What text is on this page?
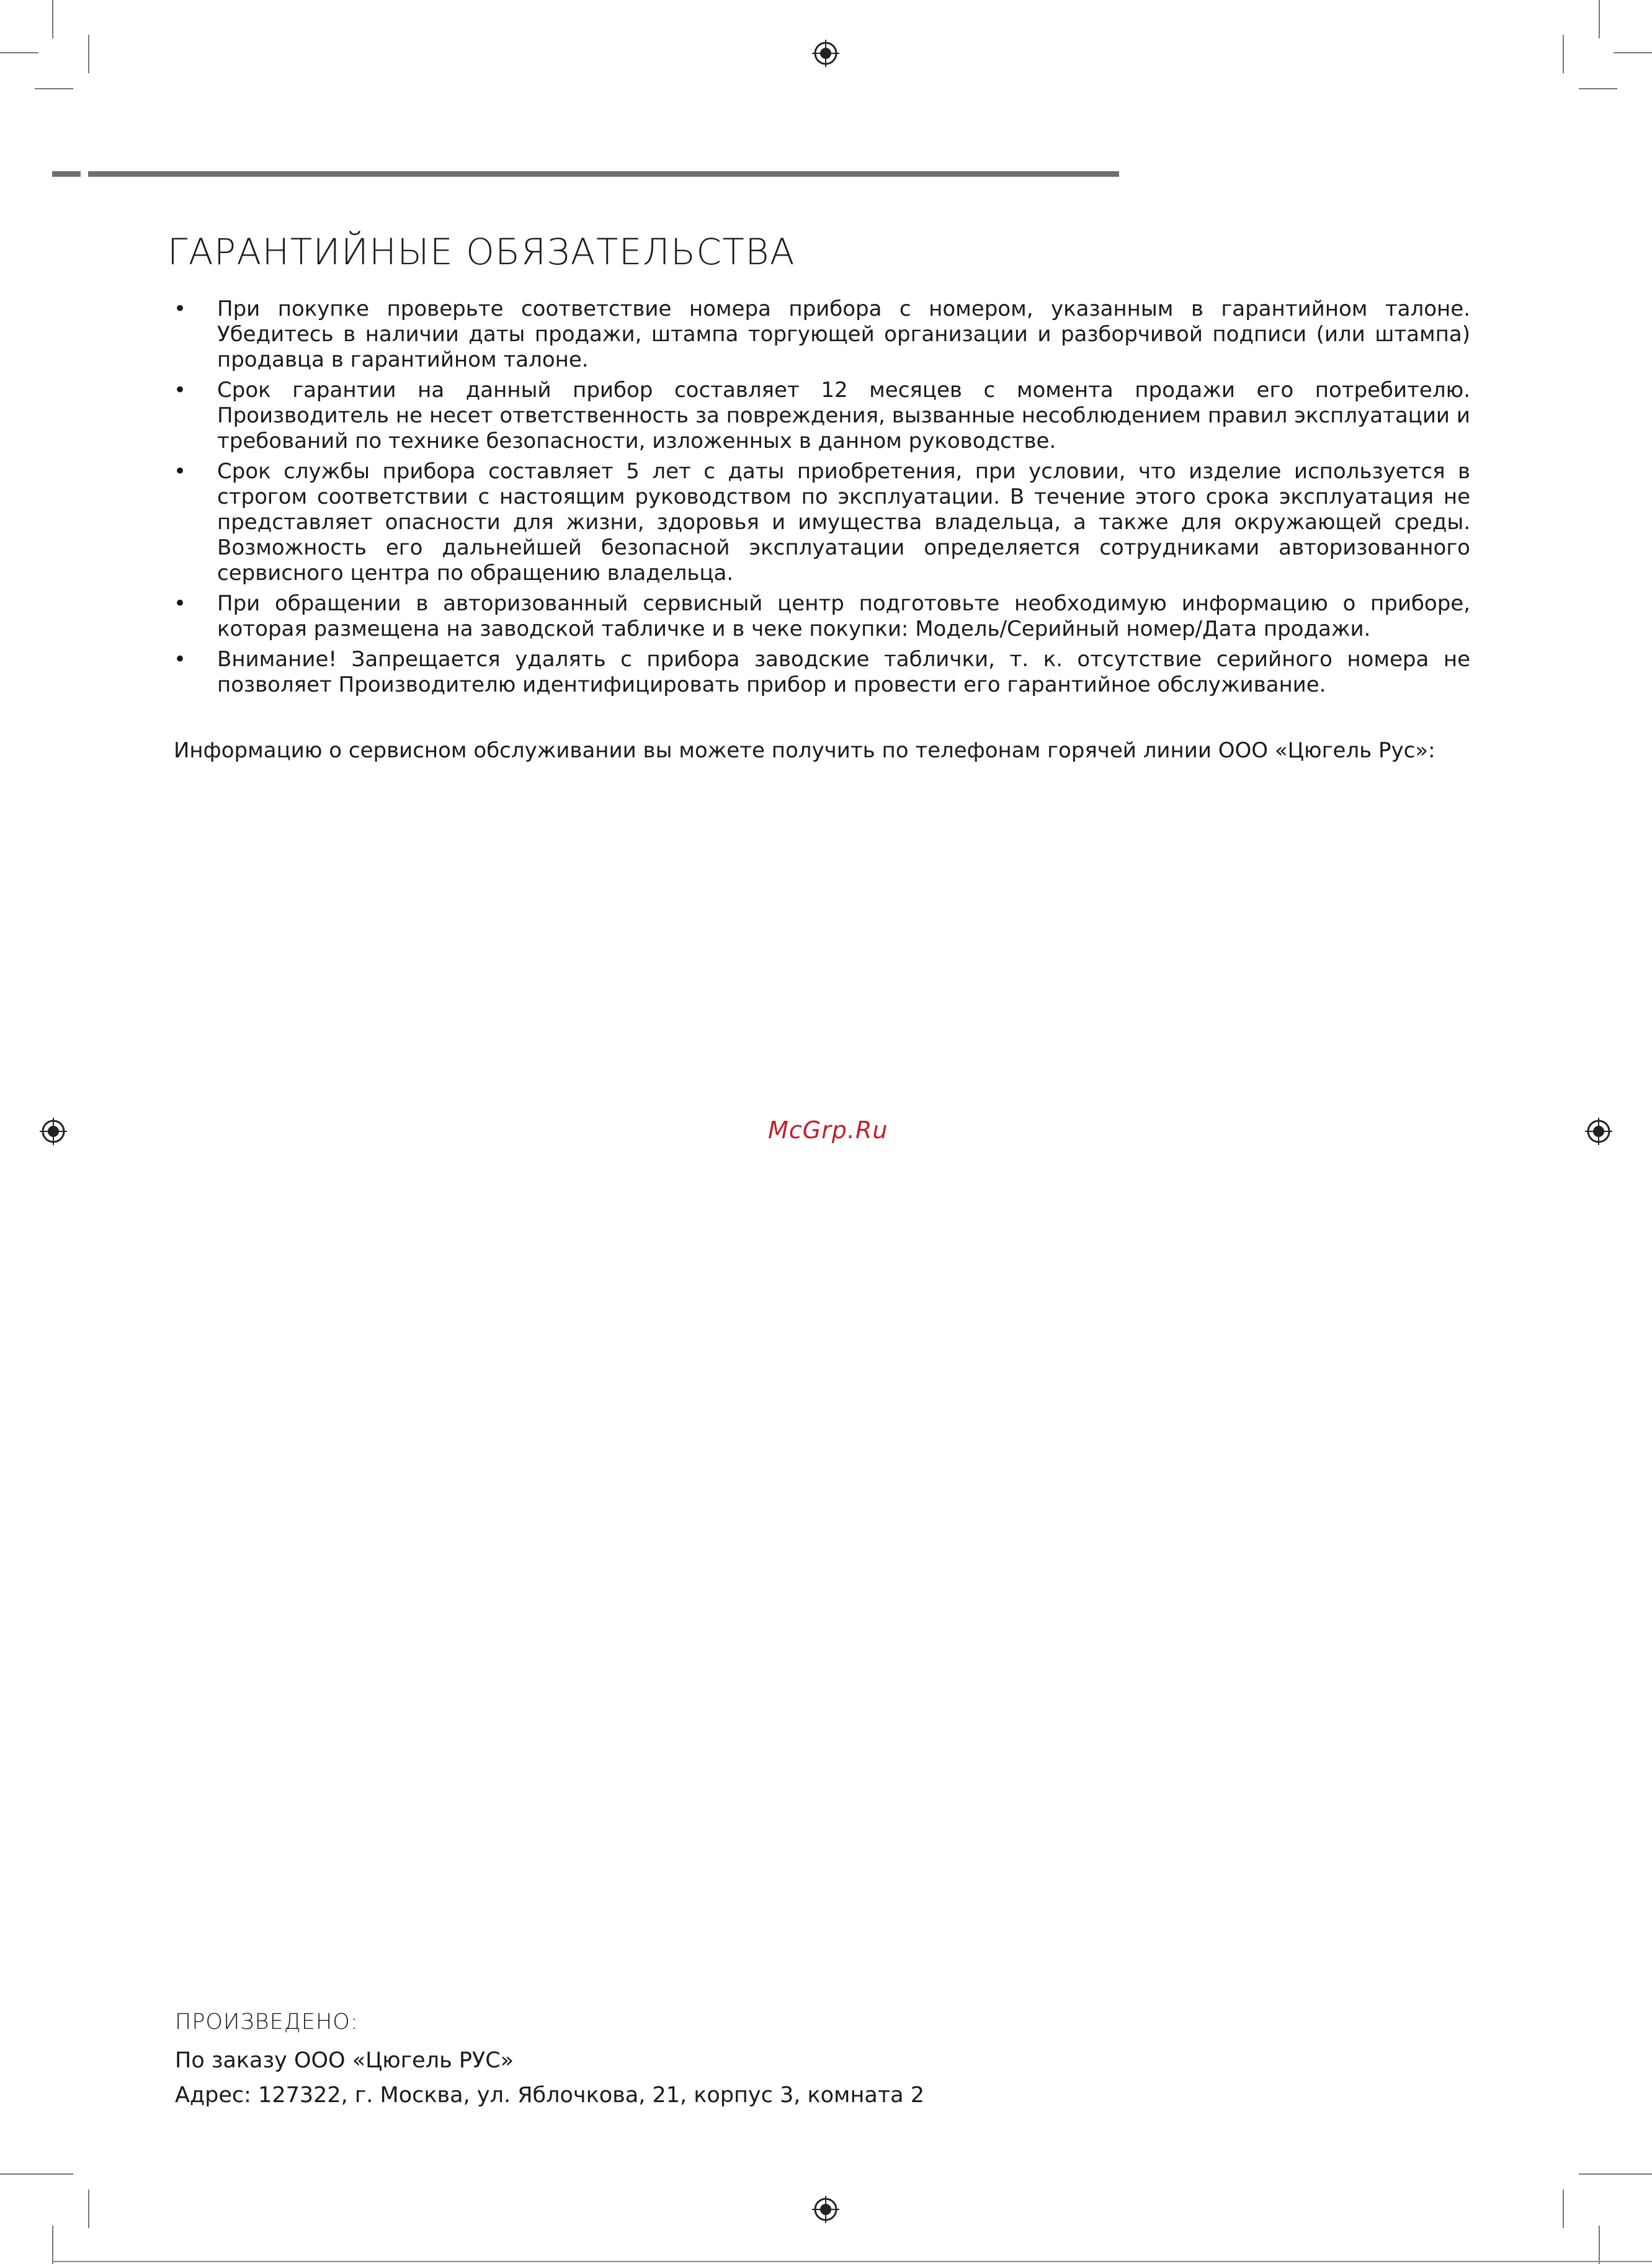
ГАРАНТИЙНЫЕ ОБЯЗАТЕЛЬСТВА
• При покупке проверьте соответствие номера прибора с номером, указанным в гарантийном талоне. Убедитесь в наличии даты продажи, штампа торгующей организации и разборчивой подписи (или штампа) продавца в гарантийном талоне.
• Срок гарантии на данный прибор составляет 12 месяцев с момента продажи его потребителю. Производитель не несет ответственность за повреждения, вызванные несоблюдением правил эксплуатации и требований по технике безопасности, изложенных в данном руководстве.
• Срок службы прибора составляет 5 лет с даты приобретения, при условии, что изделие используется в строгом соответствии с настоящим руководством по эксплуатации. В течение этого срока эксплуатация не представляет опасности для жизни, здоровья и имущества владельца, а также для окружающей среды. Возможность его дальнейшей безопасной эксплуатации определяется сотрудниками авторизованного сервисного центра по обращению владельца.
• При обращении в авторизованный сервисный центр подготовьте необходимую информацию о приборе, которая размещена на заводской табличке и в чеке покупки: Модель/Серийный номер/Дата продажи.
• Внимание! Запрещается удалять с прибора заводские таблички, т. к. отсутствие серийного номера не позволяет Производителю идентифицировать прибор и провести его гарантийное обслуживание.
Информацию о сервисном обслуживании вы можете получить по телефонам горячей линии ООО «Цюгель Рус»:
McGrp.Ru
ПРОИЗВЕДЕНО:
По заказу ООО «Цюгель РУС»
Адрес: 127322, г. Москва, ул. Яблочкова, 21, корпус 3, комната 2
